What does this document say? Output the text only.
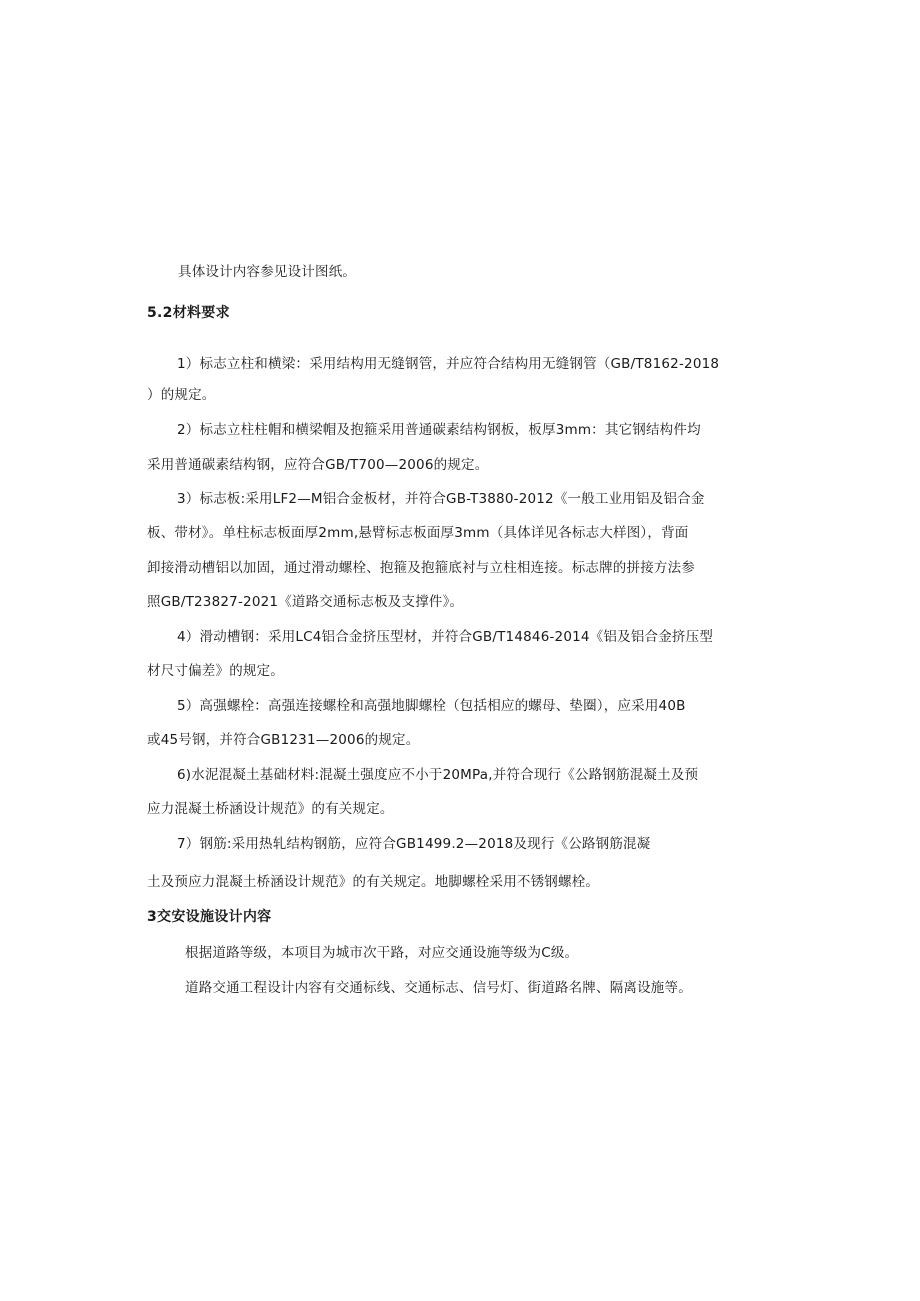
具体设计内容参见设计图纸。
5.2材料要求
1）标志立柱和横梁：采用结构用无缝钢管，并应符合结构用无缝钢管（GB/T8162-2018
）的规定。
2）标志立柱柱帽和横梁帽及抱箍采用普通碳素结构钢板，板厚3mm：其它钢结构件均
采用普通碳素结构钢，应符合GB/T700—2006的规定。
3）标志板:采用LF2—M铝合金板材，并符合GB-T3880-2012《一般工业用铝及铝合金
板、带材》。单柱标志板面厚2mm,悬臂标志板面厚3mm（具体详见各标志大样图），背面
卸接滑动槽铝以加固，通过滑动螺栓、抱箍及抱箍底衬与立柱相连接。标志牌的拼接方法参
照GB/T23827-2021《道路交通标志板及支撑件》。
4）滑动槽钢：采用LC4铝合金挤压型材，并符合GB/T14846-2014《铝及铝合金挤压型
材尺寸偏差》的规定。
5）高强螺栓：高强连接螺栓和高强地脚螺栓（包括相应的螺母、垫圈），应采用40B
或45号钢，并符合GB1231—2006的规定。
6)水泥混凝土基础材料:混凝土强度应不小于20MPa,并符合现行《公路钢筋混凝土及预
应力混凝土桥涵设计规范》的有关规定。
7）钢筋:采用热轧结构钢筋，应符合GB1499.2—2018及现行《公路钢筋混凝
土及预应力混凝土桥涵设计规范》的有关规定。地脚螺栓采用不锈钢螺栓。
3交安设施设计内容
根据道路等级，本项目为城市次干路，对应交通设施等级为C级。
道路交通工程设计内容有交通标线、交通标志、信号灯、街道路名牌、隔离设施等。
